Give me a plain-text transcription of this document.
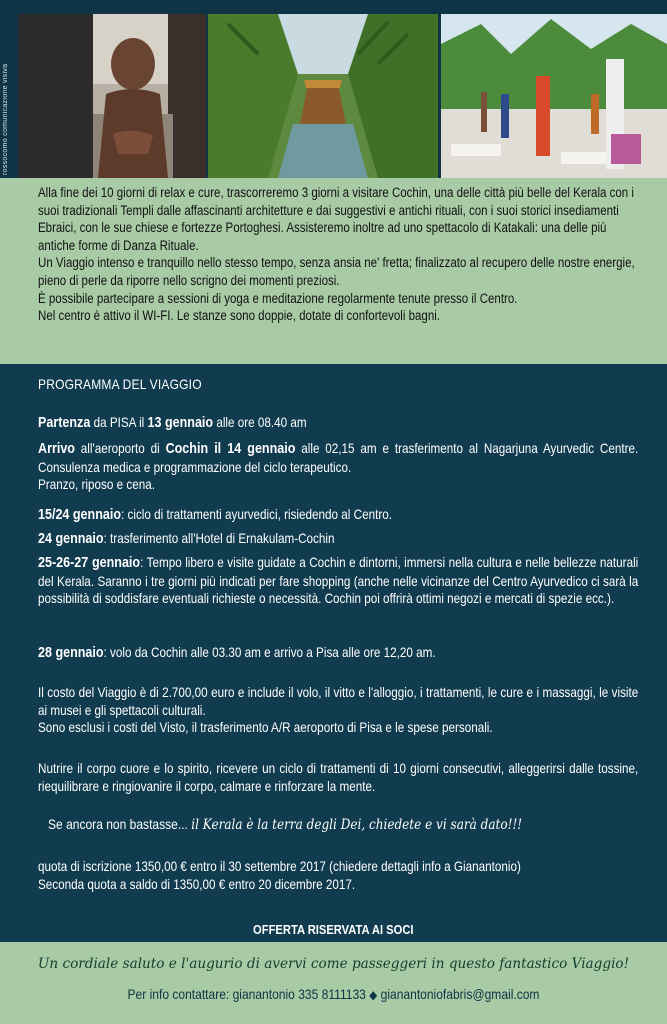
rossocomo comunicazione visiva

Alla fine dei 10 giorni di relax e cure, trascorreremo 3 giorni a visitare Cochin, una delle città più belle del Kerala con i suoi tradizionali Templi dalle affascinanti architetture e dai suggestivi e antichi rituali, con i suoi storici insediamenti Ebraici, con le sue chiese e fortezze Portoghesi. Assisteremo inoltre ad uno spettacolo di Katakali: una delle più antiche forme di Danza Rituale.
Un Viaggio intenso e tranquillo nello stesso tempo, senza ansia ne' fretta; finalizzato al recupero delle nostre energie, pieno di perle da riporre nello scrigno dei momenti preziosi.
È possibile partecipare a sessioni di yoga e meditazione regolarmente tenute presso il Centro.
Nel centro è attivo il WI-FI. Le stanze sono doppie, dotate di confortevoli bagni.

PROGRAMMA DEL VIAGGIO
Partenza da PISA il 13 gennaio alle ore 08.40 am
Arrivo all'aeroporto di Cochin il 14 gennaio alle 02,15 am e trasferimento al Nagarjuna Ayurvedic Centre. Consulenza medica e programmazione del ciclo terapeutico.
Pranzo, riposo e cena.
15/24 gennaio: ciclo di trattamenti ayurvedici, risiedendo al Centro.
24 gennaio: trasferimento all'Hotel di Ernakulam-Cochin
25-26-27 gennaio: Tempo libero e visite guidate a Cochin e dintorni, immersi nella cultura e nelle bellezze naturali del Kerala. Saranno i tre giorni più indicati per fare shopping (anche nelle vicinanze del Centro Ayurvedico ci sarà la possibilità di soddisfare eventuali richieste o necessità. Cochin poi offrirà ottimi negozi e mercati di spezie ecc.).
28 gennaio: volo da Cochin alle 03.30 am e arrivo a Pisa alle ore 12,20 am.
Il costo del Viaggio è di 2.700,00 euro e include il volo, il vitto e l'alloggio, i trattamenti, le cure e i massaggi, le visite ai musei e gli spettacoli culturali.
Sono esclusi i costi del Visto, il trasferimento A/R aeroporto di Pisa e le spese personali.
Nutrire il corpo cuore e lo spirito, ricevere un ciclo di trattamenti di 10 giorni consecutivi, alleggerirsi dalle tossine, riequilibrare e ringiovanire il corpo, calmare e rinforzare la mente.
Se ancora non bastasse... il Kerala è la terra degli Dei, chiedete e vi sarà dato!!!
quota di iscrizione 1350,00 € entro il 30 settembre 2017 (chiedere dettagli info a Gianantonio)
Seconda quota a saldo di 1350,00 € entro 20 dicembre 2017.
OFFERTA RISERVATA AI SOCI
Un cordiale saluto e l'augurio di avervi come passeggeri in questo fantastico Viaggio!
Per info contattare: gianantonio 335 8111133 ◆ gianantoniofabris@gmail.com
